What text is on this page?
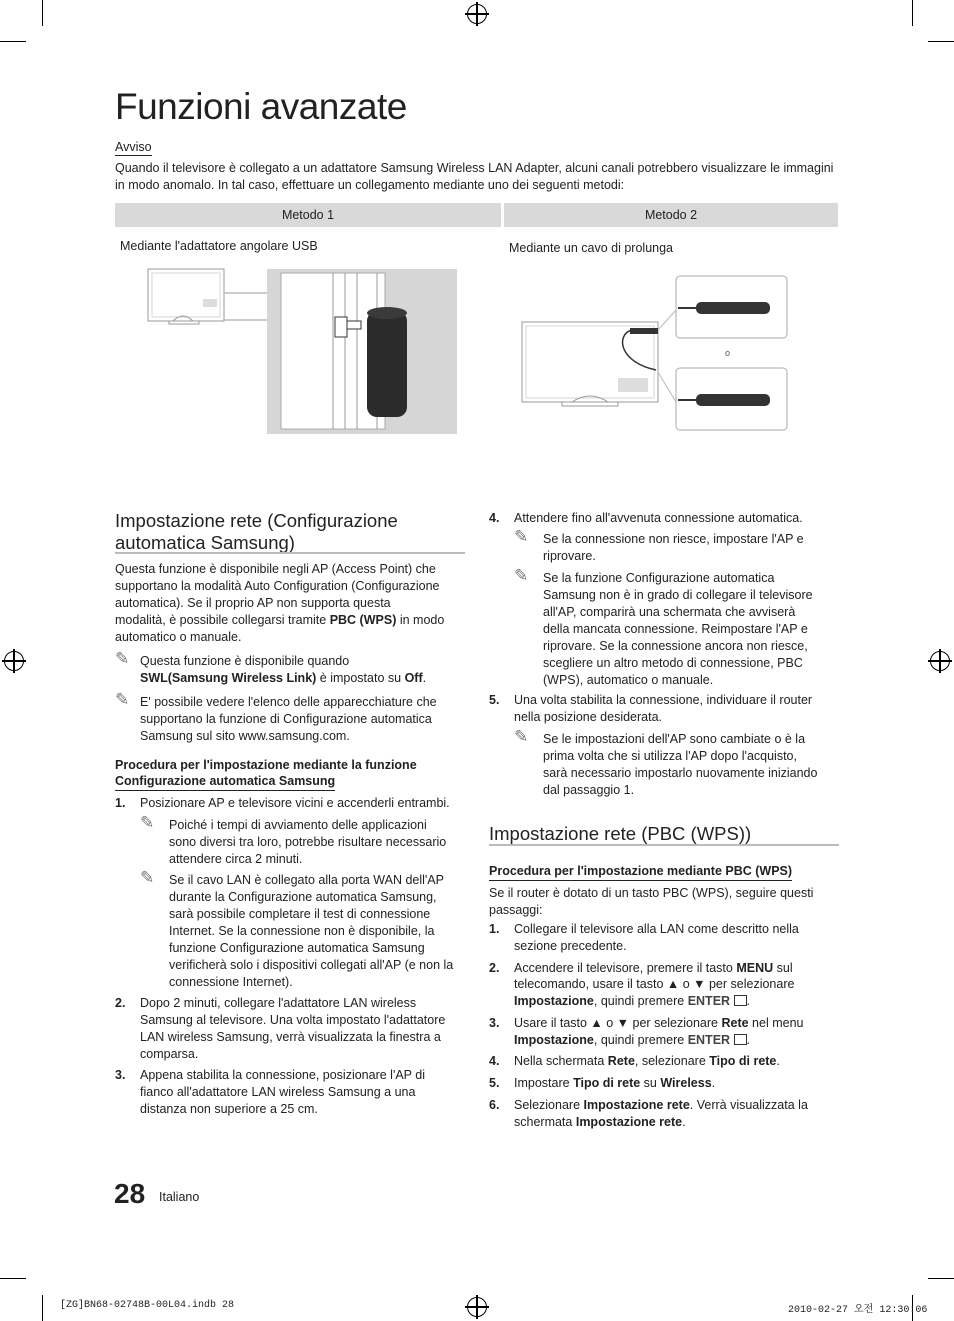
Funzioni avanzate
Avviso
Quando il televisore è collegato a un adattatore Samsung Wireless LAN Adapter, alcuni canali potrebbero visualizzare le immagini in modo anomalo. In tal caso, effettuare un collegamento mediante uno dei seguenti metodi:
Metodo 1	Metodo 2
Mediante l'adattatore angolare USB	Mediante un cavo di prolunga
o
Impostazione rete (Configurazione
automatica Samsung)
Questa funzione è disponibile negli AP (Access Point) che
supportano la modalità Auto Configuration (Configurazione
automatica). Se il proprio AP non supporta questa
modalità, è possibile collegarsi tramite PBC (WPS) in modo
automatico o manuale.
✎ Questa funzione è disponibile quando
SWL(Samsung Wireless Link) è impostato su Off.
✎ E' possibile vedere l'elenco delle apparecchiature che
supportano la funzione di Configurazione automatica
Samsung sul sito www.samsung.com.
Procedura per l'impostazione mediante la funzione
Configurazione automatica Samsung
1. Posizionare AP e televisore vicini e accenderli entrambi.
✎ Poiché i tempi di avviamento delle applicazioni
sono diversi tra loro, potrebbe risultare necessario
attendere circa 2 minuti.
✎ Se il cavo LAN è collegato alla porta WAN dell'AP
durante la Configurazione automatica Samsung,
sarà possibile completare il test di connessione
Internet. Se la connessione non è disponibile, la
funzione Configurazione automatica Samsung
verificherà solo i dispositivi collegati all'AP (e non la
connessione Internet).
2. Dopo 2 minuti, collegare l'adattatore LAN wireless
Samsung al televisore. Una volta impostato l'adattatore
LAN wireless Samsung, verrà visualizzata la finestra a
comparsa.
3. Appena stabilita la connessione, posizionare l'AP di
fianco all'adattatore LAN wireless Samsung a una
distanza non superiore a 25 cm.
4. Attendere fino all'avvenuta connessione automatica.
✎ Se la connessione non riesce, impostare l'AP e
riprovare.
✎ Se la funzione Configurazione automatica
Samsung non è in grado di collegare il televisore
all'AP, comparirà una schermata che avviserà
della mancata connessione. Reimpostare l'AP e
riprovare. Se la connessione ancora non riesce,
scegliere un altro metodo di connessione, PBC
(WPS), automatico o manuale.
5. Una volta stabilita la connessione, individuare il router
nella posizione desiderata.
✎ Se le impostazioni dell'AP sono cambiate o è la
prima volta che si utilizza l'AP dopo l'acquisto,
sarà necessario impostarlo nuovamente iniziando
dal passaggio 1.
Impostazione rete (PBC (WPS))
Procedura per l'impostazione mediante PBC (WPS)
Se il router è dotato di un tasto PBC (WPS), seguire questi
passaggi:
1. Collegare il televisore alla LAN come descritto nella
sezione precedente.
2. Accendere il televisore, premere il tasto MENU sul
telecomando, usare il tasto ▲ o ▼ per selezionare
Impostazione, quindi premere ENTER .
3. Usare il tasto ▲ o ▼ per selezionare Rete nel menu
Impostazione, quindi premere ENTER .
4. Nella schermata Rete, selezionare Tipo di rete.
5. Impostare Tipo di rete su Wireless.
6. Selezionare Impostazione rete. Verrà visualizzata la
schermata Impostazione rete.
28 Italiano
[ZG]BN68-02748B-00L04.indb 28	2010-02-27 오전 12:30:06
